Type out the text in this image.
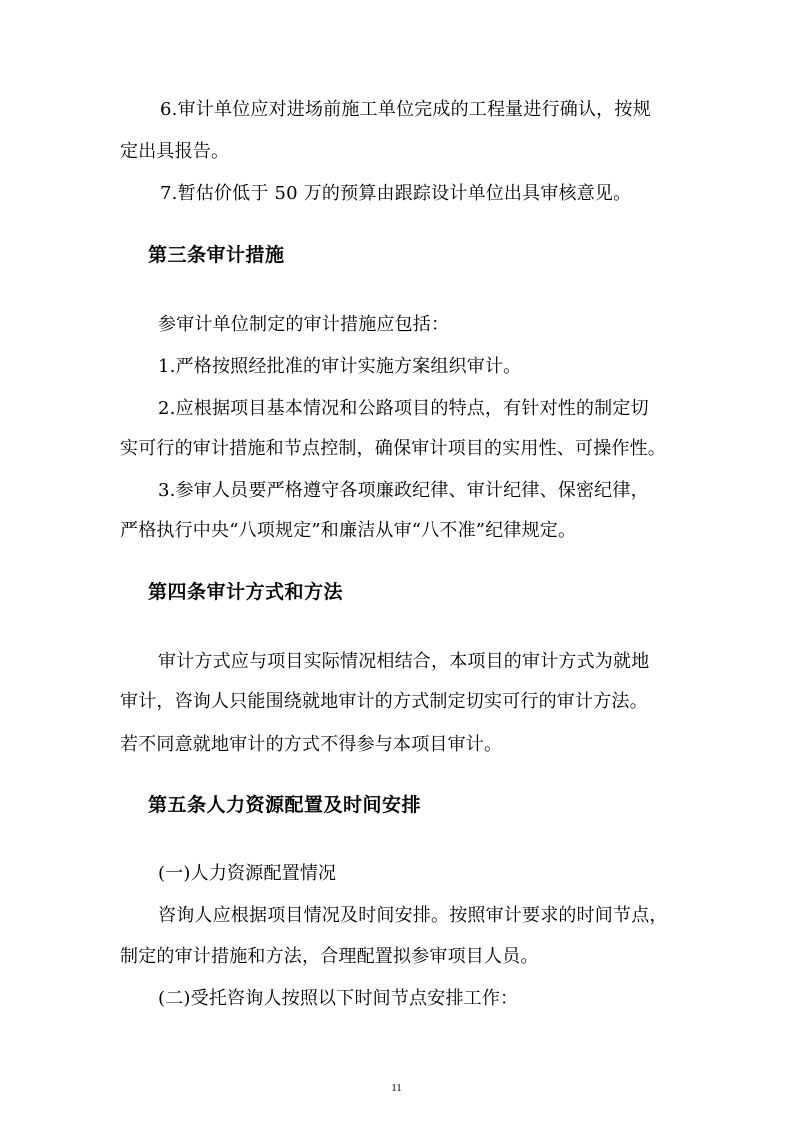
6.审计单位应对进场前施工单位完成的工程量进行确认，按规
定出具报告。
7.暂估价低于 50 万的预算由跟踪设计单位出具审核意见。
第三条审计措施
参审计单位制定的审计措施应包括：
1.严格按照经批准的审计实施方案组织审计。
2.应根据项目基本情况和公路项目的特点，有针对性的制定切
实可行的审计措施和节点控制，确保审计项目的实用性、可操作性。
3.参审人员要严格遵守各项廉政纪律、审计纪律、保密纪律，
严格执行中央“八项规定”和廉洁从审“八不准”纪律规定。
第四条审计方式和方法
审计方式应与项目实际情况相结合，本项目的审计方式为就地
审计，咨询人只能围绕就地审计的方式制定切实可行的审计方法。
若不同意就地审计的方式不得参与本项目审计。
第五条人力资源配置及时间安排
(一)人力资源配置情况
咨询人应根据项目情况及时间安排。按照审计要求的时间节点，
制定的审计措施和方法，合理配置拟参审项目人员。
(二)受托咨询人按照以下时间节点安排工作：
11
